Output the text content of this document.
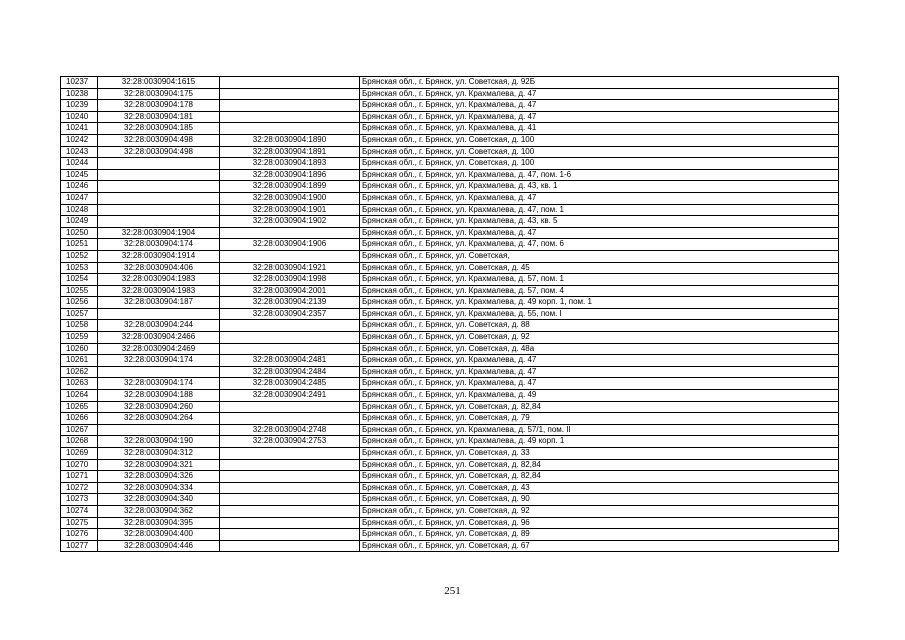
10237	32:28:0030904:1615		Брянская обл., г. Брянск, ул. Советская, д. 92Б
10238	32:28:0030904:175		Брянская обл., г. Брянск, ул. Крахмалева, д. 47
10239	32:28:0030904:178		Брянская обл., г. Брянск, ул. Крахмалева, д. 47
10240	32:28:0030904:181		Брянская обл., г. Брянск, ул. Крахмалева, д. 47
10241	32:28:0030904:185		Брянская обл., г. Брянск, ул. Крахмалева, д. 41
10242	32:28:0030904:498	32:28:0030904:1890	Брянская обл., г. Брянск, ул. Советская, д. 100
10243	32:28:0030904:498	32:28:0030904:1891	Брянская обл., г. Брянск, ул. Советская, д. 100
10244		32:28:0030904:1893	Брянская обл., г. Брянск, ул. Советская, д. 100
10245		32:28:0030904:1896	Брянская обл., г. Брянск, ул. Крахмалева, д. 47, пом. 1-6
10246		32:28:0030904:1899	Брянская обл., г. Брянск, ул. Крахмалева, д. 43, кв. 1
10247		32:28:0030904:1900	Брянская обл., г. Брянск, ул. Крахмалева, д. 47
10248		32:28:0030904:1901	Брянская обл., г. Брянск, ул. Крахмалева, д. 47, пом. 1
10249		32:28:0030904:1902	Брянская обл., г. Брянск, ул. Крахмалева, д. 43, кв. 5
10250	32:28:0030904:1904		Брянская обл., г. Брянск, ул. Крахмалева, д. 47
10251	32:28:0030904:174	32:28:0030904:1906	Брянская обл., г. Брянск, ул. Крахмалева, д. 47, пом. 6
10252	32:28:0030904:1914		Брянская обл., г. Брянск, ул. Советская,
10253	32:28:0030904:406	32:28:0030904:1921	Брянская обл., г. Брянск, ул. Советская, д. 45
10254	32:28:0030904:1983	32:28:0030904:1998	Брянская обл., г. Брянск, ул. Крахмалева, д. 57, пом. 1
10255	32:28:0030904:1983	32:28:0030904:2001	Брянская обл., г. Брянск, ул. Крахмалева, д. 57, пом. 4
10256	32:28:0030904:187	32:28:0030904:2139	Брянская обл., г. Брянск, ул. Крахмалева, д. 49 корп. 1, пом. 1
10257		32:28:0030904:2357	Брянская обл., г. Брянск, ул. Крахмалева, д. 55, пом. I
10258	32:28:0030904:244		Брянская обл., г. Брянск, ул. Советская, д. 88
10259	32:28:0030904:2466		Брянская обл., г. Брянск, ул. Советская, д. 92
10260	32:28:0030904:2469		Брянская обл., г. Брянск, ул. Советская, д. 48а
10261	32:28:0030904:174	32:28:0030904:2481	Брянская обл., г. Брянск, ул. Крахмалева, д. 47
10262		32:28:0030904:2484	Брянская обл., г. Брянск, ул. Крахмалева, д. 47
10263	32:28:0030904:174	32:28:0030904:2485	Брянская обл., г. Брянск, ул. Крахмалева, д. 47
10264	32:28:0030904:188	32:28:0030904:2491	Брянская обл., г. Брянск, ул. Крахмалева, д. 49
10265	32:28:0030904:260		Брянская обл., г. Брянск, ул. Советская, д. 82,84
10266	32:28:0030904:264		Брянская обл., г. Брянск, ул. Советская, д. 79
10267		32:28:0030904:2748	Брянская обл., г. Брянск, ул. Крахмалева, д. 57/1, пом. II
10268	32:28:0030904:190	32:28:0030904:2753	Брянская обл., г. Брянск, ул. Крахмалева, д. 49 корп. 1
10269	32:28:0030904:312		Брянская обл., г. Брянск, ул. Советская, д. 33
10270	32:28:0030904:321		Брянская обл., г. Брянск, ул. Советская, д. 82,84
10271	32:28:0030904:326		Брянская обл., г. Брянск, ул. Советская, д. 82,84
10272	32:28:0030904:334		Брянская обл., г. Брянск, ул. Советская, д. 43
10273	32:28:0030904:340		Брянская обл., г. Брянск, ул. Советская, д. 90
10274	32:28:0030904:362		Брянская обл., г. Брянск, ул. Советская, д. 92
10275	32:28:0030904:395		Брянская обл., г. Брянск, ул. Советская, д. 96
10276	32:28:0030904:400		Брянская обл., г. Брянск, ул. Советская, д. 89
10277	32:28:0030904:446		Брянская обл., г. Брянск, ул. Советская, д. 67
251
